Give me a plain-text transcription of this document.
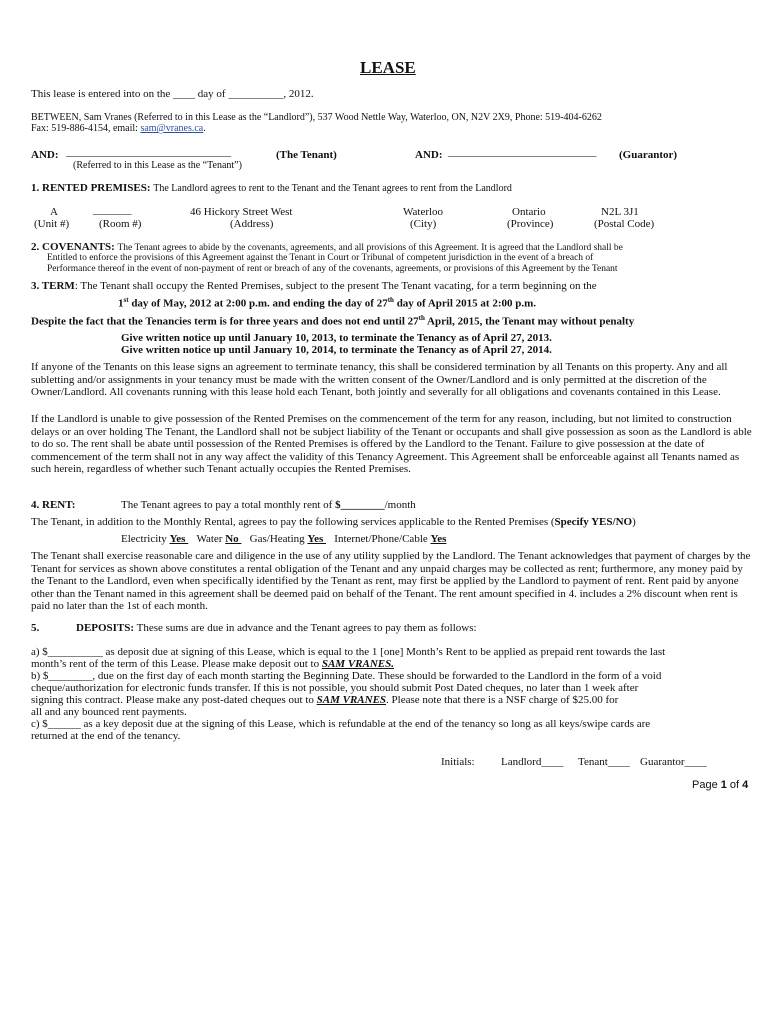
LEASE
This lease is entered into on the ____ day of __________, 2012.
BETWEEN, Sam Vranes (Referred to in this Lease as the “Landlord”), 537 Wood Nettle Way, Waterloo, ON, N2V 2X9, Phone: 519-404-6262
Fax: 519-886-4154, email: sam@vranes.ca.
AND: ______________________________	(The Tenant)
(Referred to in this Lease as the “Tenant”)
AND: ___________________________ (Guarantor)
1. RENTED PREMISES: The Landlord agrees to rent to the Tenant and the Tenant agrees to rent from the Landlord
A	_______	46 Hickory Street West	Waterloo	Ontario	N2L 3J1
(Unit #)	(Room #)	(Address)	(City)	(Province)	(Postal Code)
2. COVENANTS: The Tenant agrees to abide by the covenants, agreements, and all provisions of this Agreement. It is agreed that the Landlord shall be
Entitled to enforce the provisions of this Agreement against the Tenant in Court or Tribunal of competent jurisdiction in the event of a breach of
Performance thereof in the event of non-payment of rent or breach of any of the covenants, agreements, or provisions of this Agreement by the Tenant
3. TERM: The Tenant shall occupy the Rented Premises, subject to the present The Tenant vacating, for a term beginning on the
1st day of May, 2012 at 2:00 p.m. and ending the day of 27th day of April 2015 at 2:00 p.m.
Despite the fact that the Tenancies term is for three years and does not end until 27th April, 2015, the Tenant may without penalty
Give written notice up until January 10, 2013, to terminate the Tenancy as of April 27, 2013.
Give written notice up until January 10, 2014, to terminate the Tenancy as of April 27, 2014.
If anyone of the Tenants on this lease signs an agreement to terminate tenancy, this shall be considered termination by all Tenants on this property. Any and all subletting and/or assignments in your tenancy must be made with the written consent of the Owner/Landlord and is only permitted at the discretion of the Owner/Landlord. All covenants running with this lease hold each Tenant, both jointly and severally for all obligations and covenants contained in this Lease.
If the Landlord is unable to give possession of the Rented Premises on the commencement of the term for any reason, including, but not limited to construction delays or an over holding The Tenant, the Landlord shall not be subject liability of the Tenant or occupants and shall give possession as soon as the Landlord is able to do so. The rent shall be abate until possession of the Rented Premises is offered by the Landlord to the Tenant. Failure to give possession at the date of commencement of the term shall not in any way affect the validity of this Tenancy Agreement. This Agreement shall be enforceable against all Tenants named as such herein, regardless of whether such Tenant actually occupies the Rented Premises.
4. RENT:	The Tenant agrees to pay a total monthly rent of $________/month
The Tenant, in addition to the Monthly Rental, agrees to pay the following services applicable to the Rented Premises (Specify YES/NO)
Electricity Yes    Water No    Gas/Heating Yes    Internet/Phone/Cable Yes
The Tenant shall exercise reasonable care and diligence in the use of any utility supplied by the Landlord. The Tenant acknowledges that payment of charges by the Tenant for services as shown above constitutes a rental obligation of the Tenant and any unpaid charges may be collected as rent; furthermore, any money paid by the Tenant to the Landlord, even when specifically identified by the Tenant as rent, may first be applied by the Landlord to payment of rent. Rent paid by anyone other than the Tenant named in this agreement shall be deemed paid on behalf of the Tenant. The rent amount specified in 4. includes a 2% discount when rent is paid no later than the 1st of each month.
5.	DEPOSITS: These sums are due in advance and the Tenant agrees to pay them as follows:
a) $__________ as deposit due at signing of this Lease, which is equal to the 1 [one] Month’s Rent to be applied as prepaid rent towards the last
month’s rent of the term of this Lease. Please make deposit out to SAM VRANES.
b) $________, due on the first day of each month starting the Beginning Date. These should be forwarded to the Landlord in the form of a void
cheque/authorization for electronic funds transfer. If this is not possible, you should submit Post Dated cheques, no later than 1 week after
signing this contract. Please make any post-dated cheques out to SAM VRANES. Please note that there is a NSF charge of $25.00 for
all and any bounced rent payments.
c) $______ as a key deposit due at the signing of this Lease, which is refundable at the end of the tenancy so long as all keys/swipe cards are
returned at the end of the tenancy.
Initials: Landlord____ Tenant____ Guarantor____
Page 1 of 4
